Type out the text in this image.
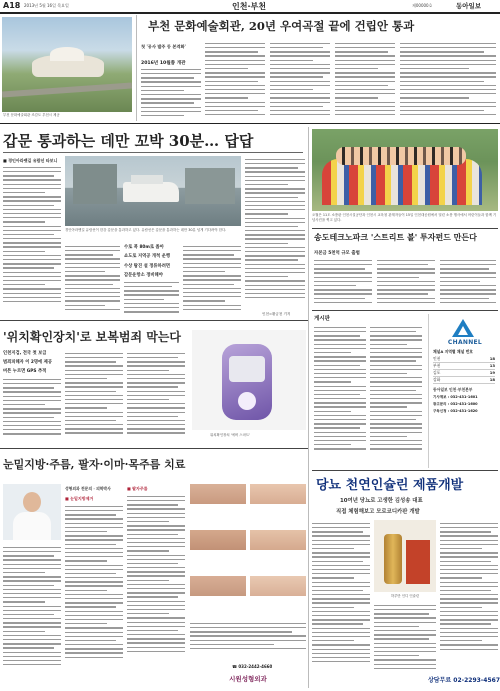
A18 2013년 5월 16일 목요일	인천·부천	제00000호	동아일보
부천 문화예술회관 조감도 부천시 제공
부천 문화예술회관, 20년 우여곡절 끝에 건립안 통과
첫 '공사 발주 등 본격화'
2016년 10월쯤 개관
갑문 통과하는 데만 꼬박 30분… 답답
■ 경인아라뱃길 유람선 타보니
경인아라뱃길 유람선이 한강 갑문을 통과하고 있다. 유람선은 갑문을 통과하는 데만 30분 넘게 기다려야 한다.
수로 폭 80m로 좁아
쇼도로 지역공 개척 운행
수상 탐진 설 정류하려면
갑문운항소 정비해야
인천=황금천 기자
오월은 11도 소풍판 인천시설공단과 인천시 교육청 관계자들이 15일 인천대공원에서 열린 소풍 행사에서 어린이들과 함께 기념사진을 찍고 있다.
송도테크노파크 '스트리트 볼' 투자펀드 만든다
자본금 5천억 규모 출범
게시판
CHANNEL
채널A 지역별 채널 번호
인천	18
부천	13
김포	19
강화	18
동아일보 인천·부천본부
기사제보 : 032-431-1601
광고문의 : 032-431-1600
구독신청 : 032-431-1620
'위치확인장치'로 보복범죄 막는다
인천지검, 전국 첫 보급
범죄피해자 이 2명에 제공
버튼 누르면 GPS 추적
위치확인장치 '에버 스마트'
눈밑지방·주름, 팔자·이마·목주름 치료
성형외과 전문의 · 의학박사
■ 눈밑지방제거
■ 팔자주름
☎ 032-2442-4660
시원성형외과
당뇨 천연인슐린 제품개발
10여년 당뇨로 고생한 김성송 대표
직접 체험해보고 모로코디카판 개발
하루만 인디 인슐린
상담무료 02-2293-4567
